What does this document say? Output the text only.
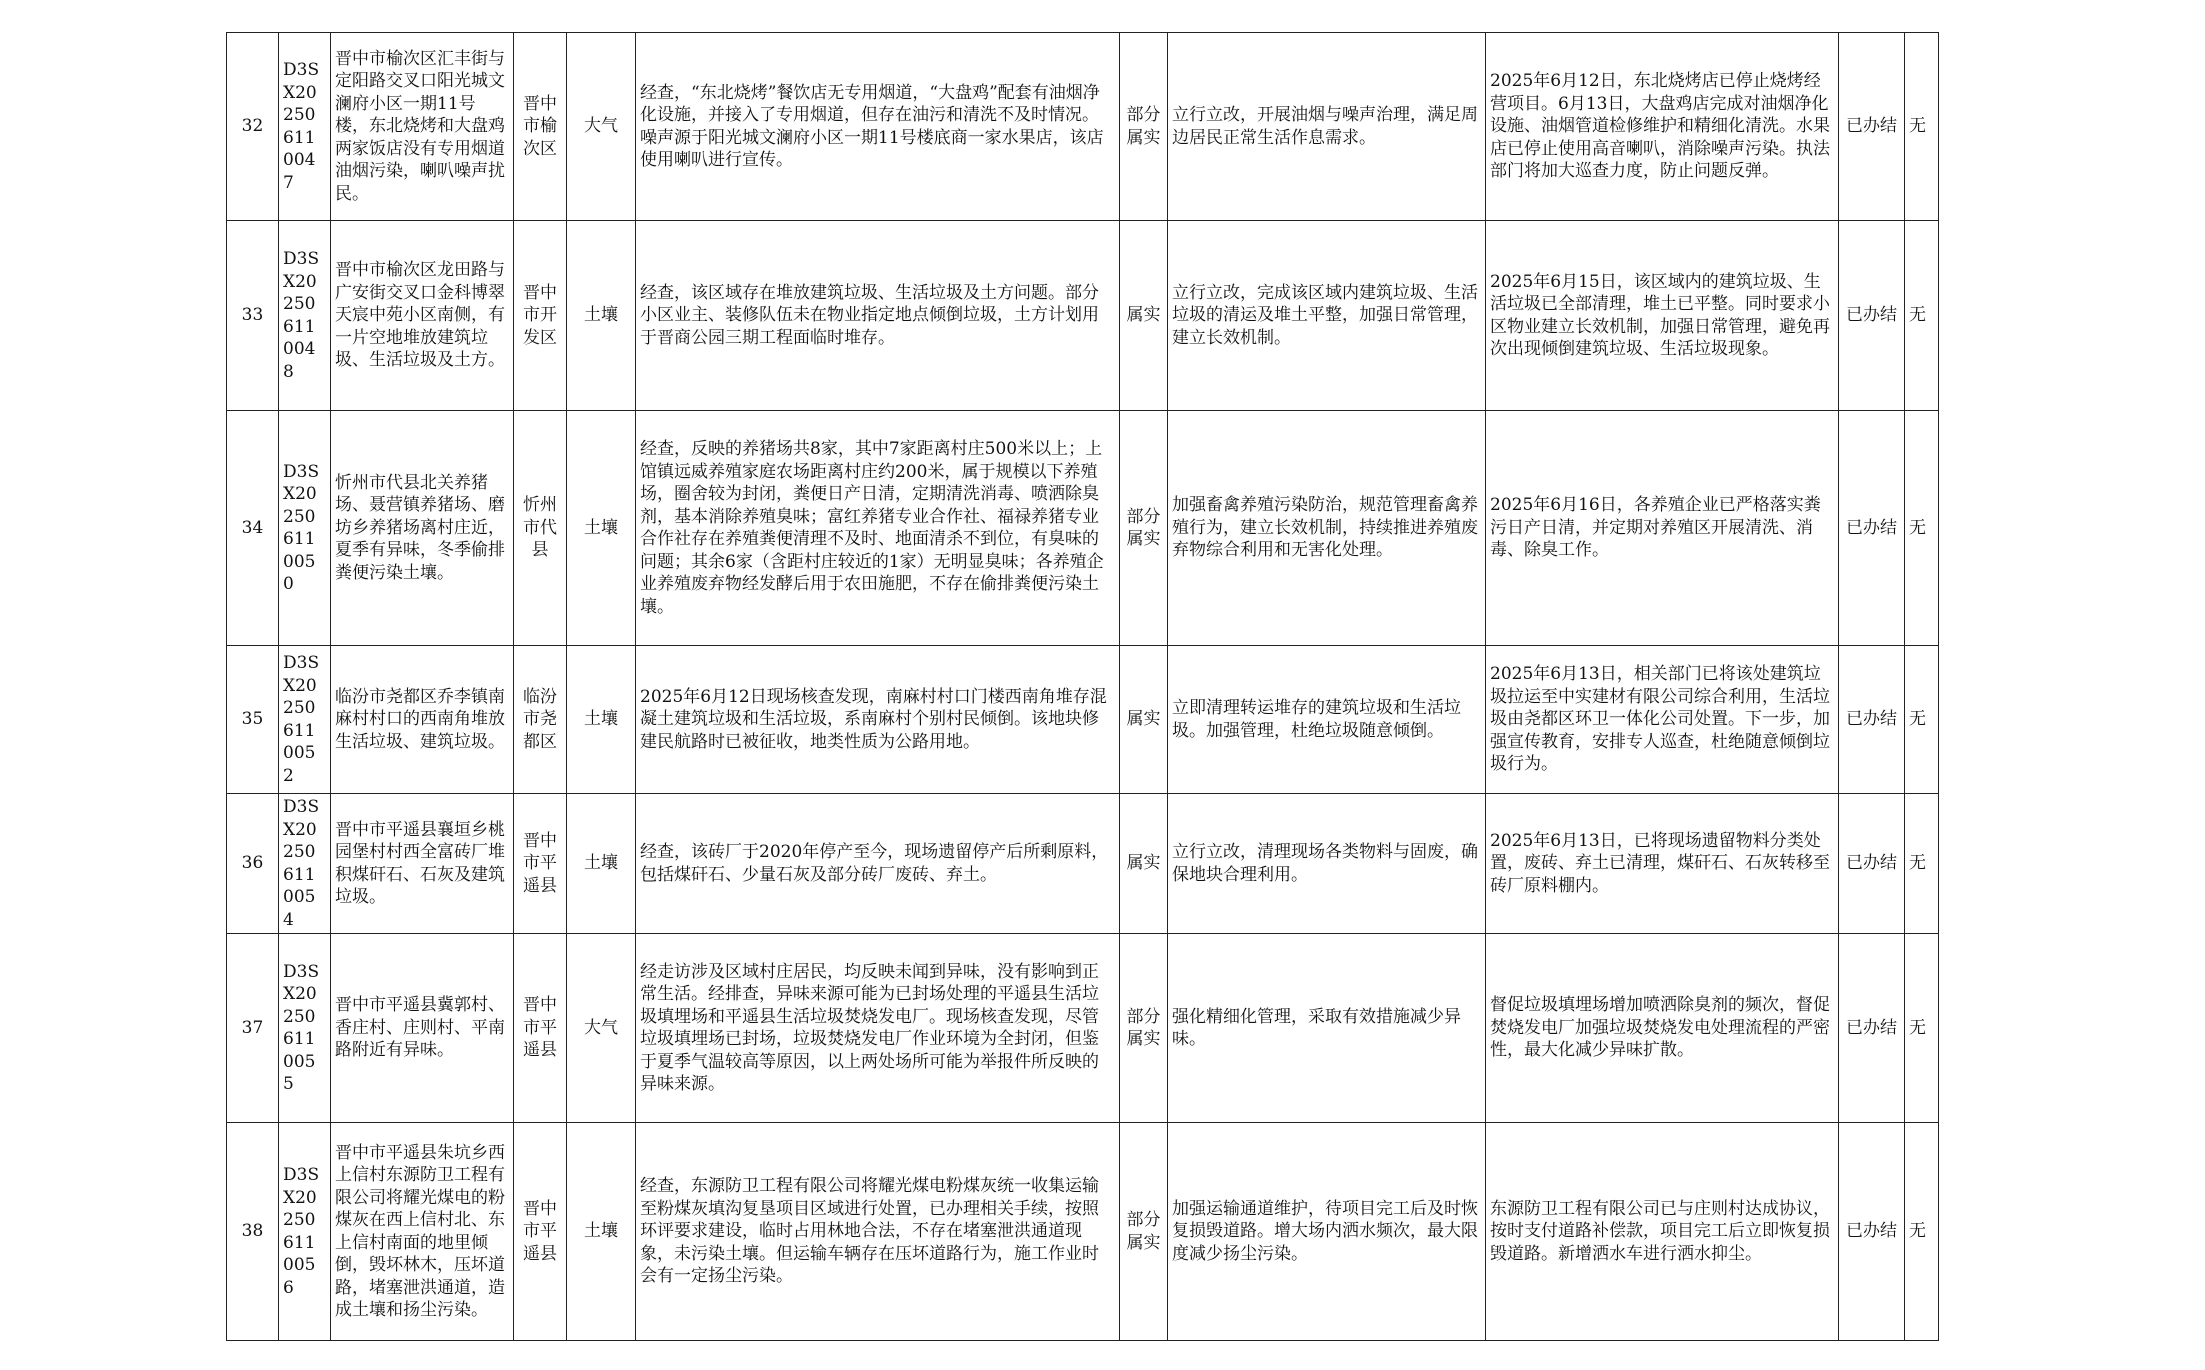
32	D3SX2025061100​47	晋中市榆次区汇丰街与定阳路交叉口阳光城文澜府小区一期11号楼，东北烧烤和大盘鸡两家饭店没有专用烟道油烟污染，喇叭噪声扰民。	晋中市榆次区	大气	经查，“东北烧烤”餐饮店无专用烟道，“大盘鸡”配套有油烟净化设施，并接入了专用烟道，但存在油污和清洗不及时情况。噪声源于阳光城文澜府小区一期11号楼底商一家水果店，该店使用喇叭进行宣传。	部分属实	立行立改，开展油烟与噪声治理，满足周边居民正常生活作息需求。	2025年6月12日，东北烧烤店已停止烧烤经营项目。6月13日，大盘鸡店完成对油烟净化设施、油烟管道检修维护和精细化清洗。水果店已停止使用高音喇叭，消除噪声污染。执法部门将加大巡查力度，防止问题反弹。	已办结	无
33	D3SX2025061100​48	晋中市榆次区龙田路与广安街交叉口金科博翠天宸中苑小区南侧，有一片空地堆放建筑垃圾、生活垃圾及土方。	晋中市开发区	土壤	经查，该区域存在堆放建筑垃圾、生活垃圾及土方问题。部分小区业主、装修队伍未在物业指定地点倾倒垃圾，土方计划用于晋商公园三期工程面临时堆存。	属实	立行立改，完成该区域内建筑垃圾、生活垃圾的清运及堆土平整，加强日常管理，建立长效机制。	2025年6月15日，该区域内的建筑垃圾、生活垃圾已全部清理，堆土已平整。同时要求小区物业建立长效机制，加强日常管理，避免再次出现倾倒建筑垃圾、生活垃圾现象。	已办结	无
34	D3SX2025061100​50	忻州市代县北关养猪场、聂营镇养猪场、磨坊乡养猪场离村庄近，夏季有异味，冬季偷排粪便污染土壤。	忻州市代县	土壤	经查，反映的养猪场共8家，其中7家距离村庄500米以上；上馆镇远威养殖家庭农场距离村庄约200米，属于规模以下养殖场，圈舍较为封闭，粪便日产日清，定期清洗消毒、喷洒除臭剂，基本消除养殖臭味；富红养猪专业合作社、福禄养猪专业合作社存在养殖粪便清理不及时、地面清杀不到位，有臭味的问题；其余6家（含距村庄较近的1家）无明显臭味；各养殖企业养殖废弃物经发酵后用于农田施肥，不存在偷排粪便污染土壤。	部分属实	加强畜禽养殖污染防治，规范管理畜禽养殖行为，建立长效机制，持续推进养殖废弃物综合利用和无害化处理。	2025年6月16日，各养殖企业已严格落实粪污日产日清，并定期对养殖区开展清洗、消毒、除臭工作。	已办结	无
35	D3SX2025061100​52	临汾市尧都区乔李镇南麻村村口的西南角堆放生活垃圾、建筑垃圾。	临汾市尧都区	土壤	2025年6月12日现场核查发现，南麻村村口门楼西南角堆存混凝土建筑垃圾和生活垃圾，系南麻村个别村民倾倒。该地块修建民航路时已被征收，地类性质为公路用地。	属实	立即清理转运堆存的建筑垃圾和生活垃圾。加强管理，杜绝垃圾随意倾倒。	2025年6月13日，相关部门已将该处建筑垃圾拉运至中实建材有限公司综合利用，生活垃圾由尧都区环卫一体化公司处置。下一步，加强宣传教育，安排专人巡查，杜绝随意倾倒垃圾行为。	已办结	无
36	D3SX2025061100​54	晋中市平遥县襄垣乡桃园堡村村西全富砖厂堆积煤矸石、石灰及建筑垃圾。	晋中市平遥县	土壤	经查，该砖厂于2020年停产至今，现场遗留停产后所剩原料，包括煤矸石、少量石灰及部分砖厂废砖、弃土。	属实	立行立改，清理现场各类物料与固废，确保地块合理利用。	2025年6月13日，已将现场遗留物料分类处置，废砖、弃土已清理，煤矸石、石灰转移至砖厂原料棚内。	已办结	无
37	D3SX2025061100​55	晋中市平遥县冀郭村、香庄村、庄则村、平南路附近有异味。	晋中市平遥县	大气	经走访涉及区域村庄居民，均反映未闻到异味，没有影响到正常生活。经排查，异味来源可能为已封场处理的平遥县生活垃圾填埋场和平遥县生活垃圾焚烧发电厂。现场核查发现，尽管垃圾填埋场已封场，垃圾焚烧发电厂作业环境为全封闭，但鉴于夏季气温较高等原因，以上两处场所可能为举报件所反映的异味来源。	部分属实	强化精细化管理，采取有效措施减少异味。	督促垃圾填埋场增加喷洒除臭剂的频次，督促焚烧发电厂加强垃圾焚烧发电处理流程的严密性，最大化减少异味扩散。	已办结	无
38	D3SX2025061100​56	晋中市平遥县朱坑乡西上信村东源防卫工程有限公司将耀光煤电的粉煤灰在西上信村北、东上信村南面的地里倾倒，毁坏林木，压坏道路，堵塞泄洪通道，造成土壤和扬尘污染。	晋中市平遥县	土壤	经查，东源防卫工程有限公司将耀光煤电粉煤灰统一收集运输至粉煤灰填沟复垦项目区域进行处置，已办理相关手续，按照环评要求建设，临时占用林地合法，不存在堵塞泄洪通道现象，未污染土壤。但运输车辆存在压坏道路行为，施工作业时会有一定扬尘污染。	部分属实	加强运输通道维护，待项目完工后及时恢复损毁道路。增大场内洒水频次，最大限度减少扬尘污染。	东源防卫工程有限公司已与庄则村达成协议，按时支付道路补偿款，项目完工后立即恢复损毁道路。新增洒水车进行洒水抑尘。	已办结	无
